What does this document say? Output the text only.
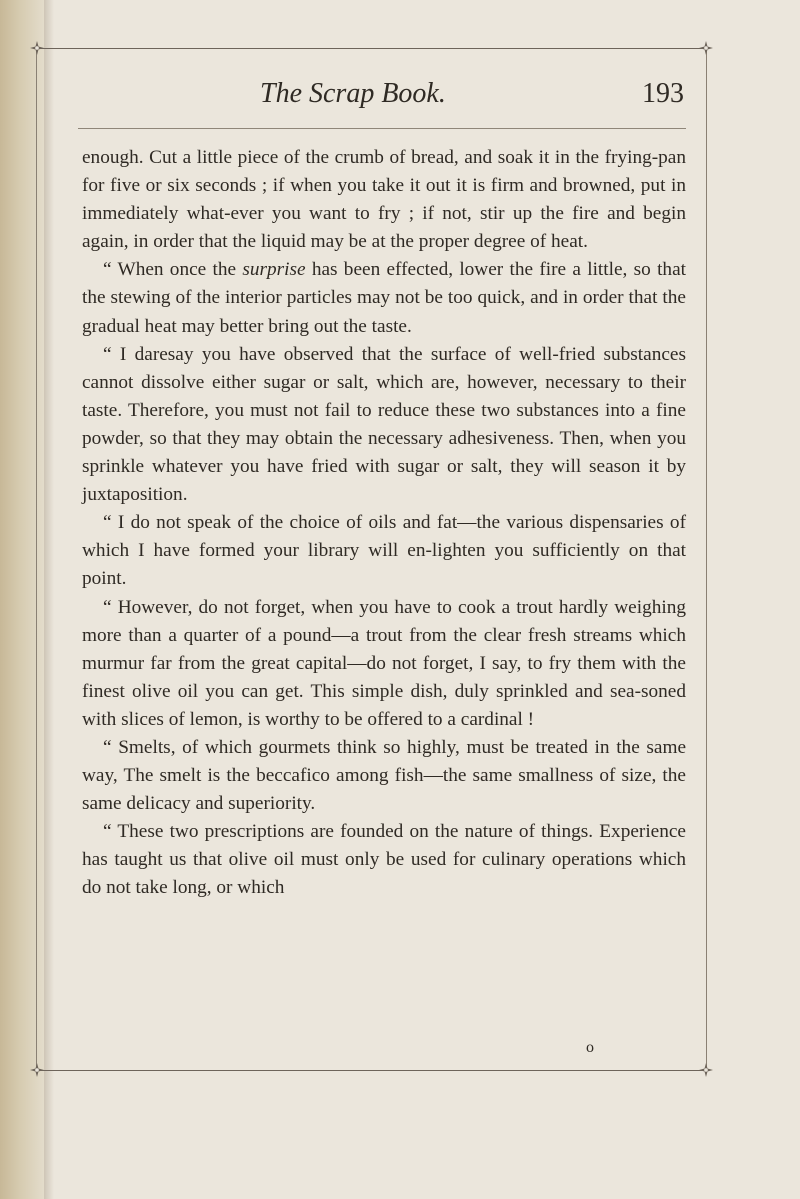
The Scrap Book.	193

enough. Cut a little piece of the crumb of bread, and soak it in the frying-pan for five or six seconds ; if when you take it out it is firm and browned, put in immediately what-ever you want to fry ; if not, stir up the fire and begin again, in order that the liquid may be at the proper degree of heat.

“ When once the surprise has been effected, lower the fire a little, so that the stewing of the interior particles may not be too quick, and in order that the gradual heat may better bring out the taste.

“ I daresay you have observed that the surface of well-fried substances cannot dissolve either sugar or salt, which are, however, necessary to their taste. Therefore, you must not fail to reduce these two substances into a fine powder, so that they may obtain the necessary adhesiveness. Then, when you sprinkle whatever you have fried with sugar or salt, they will season it by juxtaposition.

“ I do not speak of the choice of oils and fat—the various dispensaries of which I have formed your library will en-lighten you sufficiently on that point.

“ However, do not forget, when you have to cook a trout hardly weighing more than a quarter of a pound—a trout from the clear fresh streams which murmur far from the great capital—do not forget, I say, to fry them with the finest olive oil you can get. This simple dish, duly sprinkled and sea-soned with slices of lemon, is worthy to be offered to a cardinal !

“ Smelts, of which gourmets think so highly, must be treated in the same way, The smelt is the beccafico among fish—the same smallness of size, the same delicacy and superiority.

“ These two prescriptions are founded on the nature of things. Experience has taught us that olive oil must only be used for culinary operations which do not take long, or which

o
